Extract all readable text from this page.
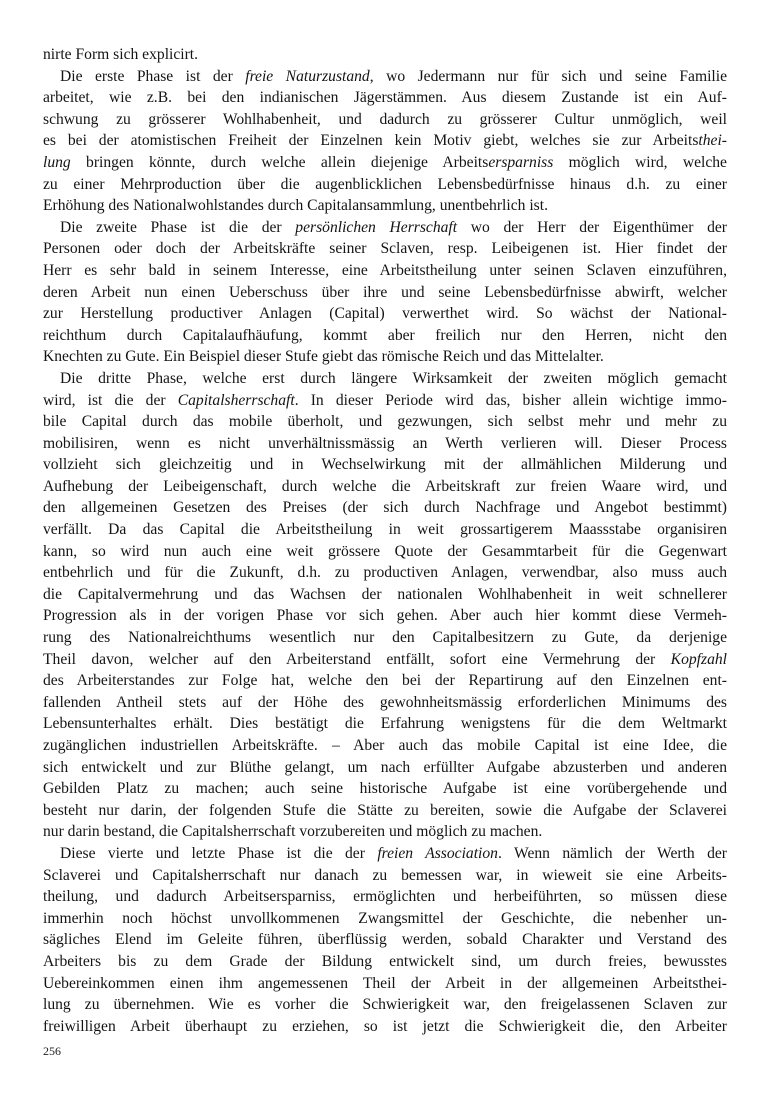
nirte Form sich explicirt.
Die erste Phase ist der freie Naturzustand, wo Jedermann nur für sich und seine Familie
arbeitet, wie z.B. bei den indianischen Jägerstämmen. Aus diesem Zustande ist ein Auf-
schwung zu grösserer Wohlhabenheit, und dadurch zu grösserer Cultur unmöglich, weil
es bei der atomistischen Freiheit der Einzelnen kein Motiv giebt, welches sie zur Arbeitsthei-
lung bringen könnte, durch welche allein diejenige Arbeitsersparniss möglich wird, welche
zu einer Mehrproduction über die augenblicklichen Lebensbedürfnisse hinaus d.h. zu einer
Erhöhung des Nationalwohlstandes durch Capitalansammlung, unentbehrlich ist.
Die zweite Phase ist die der persönlichen Herrschaft wo der Herr der Eigenthümer der
Personen oder doch der Arbeitskräfte seiner Sclaven, resp. Leibeigenen ist. Hier findet der
Herr es sehr bald in seinem Interesse, eine Arbeitstheilung unter seinen Sclaven einzuführen,
deren Arbeit nun einen Ueberschuss über ihre und seine Lebensbedürfnisse abwirft, welcher
zur Herstellung productiver Anlagen (Capital) verwerthet wird. So wächst der National-
reichthum durch Capitalaufhäufung, kommt aber freilich nur den Herren, nicht den
Knechten zu Gute. Ein Beispiel dieser Stufe giebt das römische Reich und das Mittelalter.
Die dritte Phase, welche erst durch längere Wirksamkeit der zweiten möglich gemacht
wird, ist die der Capitalsherrschaft. In dieser Periode wird das, bisher allein wichtige immo-
bile Capital durch das mobile überholt, und gezwungen, sich selbst mehr und mehr zu
mobilisiren, wenn es nicht unverhältnissmässig an Werth verlieren will. Dieser Process
vollzieht sich gleichzeitig und in Wechselwirkung mit der allmählichen Milderung und
Aufhebung der Leibeigenschaft, durch welche die Arbeitskraft zur freien Waare wird, und
den allgemeinen Gesetzen des Preises (der sich durch Nachfrage und Angebot bestimmt)
verfällt. Da das Capital die Arbeitstheilung in weit grossartigerem Maassstabe organisiren
kann, so wird nun auch eine weit grössere Quote der Gesammtarbeit für die Gegenwart
entbehrlich und für die Zukunft, d.h. zu productiven Anlagen, verwendbar, also muss auch
die Capitalvermehrung und das Wachsen der nationalen Wohlhabenheit in weit schnellerer
Progression als in der vorigen Phase vor sich gehen. Aber auch hier kommt diese Vermeh-
rung des Nationalreichthums wesentlich nur den Capitalbesitzern zu Gute, da derjenige
Theil davon, welcher auf den Arbeiterstand entfällt, sofort eine Vermehrung der Kopfzahl
des Arbeiterstandes zur Folge hat, welche den bei der Repartirung auf den Einzelnen ent-
fallenden Antheil stets auf der Höhe des gewohnheitsmässig erforderlichen Minimums des
Lebensunterhaltes erhält. Dies bestätigt die Erfahrung wenigstens für die dem Weltmarkt
zugänglichen industriellen Arbeitskräfte. – Aber auch das mobile Capital ist eine Idee, die
sich entwickelt und zur Blüthe gelangt, um nach erfüllter Aufgabe abzusterben und anderen
Gebilden Platz zu machen; auch seine historische Aufgabe ist eine vorübergehende und
besteht nur darin, der folgenden Stufe die Stätte zu bereiten, sowie die Aufgabe der Sclaverei
nur darin bestand, die Capitalsherrschaft vorzubereiten und möglich zu machen.
Diese vierte und letzte Phase ist die der freien Association. Wenn nämlich der Werth der
Sclaverei und Capitalsherrschaft nur danach zu bemessen war, in wieweit sie eine Arbeits-
theilung, und dadurch Arbeitsersparniss, ermöglichten und herbeiführten, so müssen diese
immerhin noch höchst unvollkommenen Zwangsmittel der Geschichte, die nebenher un-
sägliches Elend im Geleite führen, überflüssig werden, sobald Charakter und Verstand des
Arbeiters bis zu dem Grade der Bildung entwickelt sind, um durch freies, bewusstes
Uebereinkommen einen ihm angemessenen Theil der Arbeit in der allgemeinen Arbeitsthei-
lung zu übernehmen. Wie es vorher die Schwierigkeit war, den freigelassenen Sclaven zur
freiwilligen Arbeit überhaupt zu erziehen, so ist jetzt die Schwierigkeit die, den Arbeiter
256
